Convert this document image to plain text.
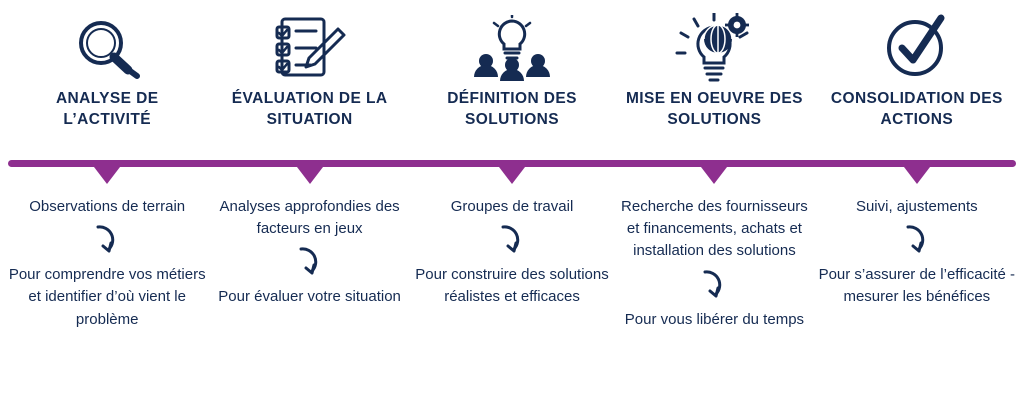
ANALYSE DE L’ACTIVITÉ
ÉVALUATION DE LA SITUATION
DÉFINITION DES SOLUTIONS
MISE EN OEUVRE DES SOLUTIONS
CONSOLIDATION DES ACTIONS
Observations de terrain
Pour comprendre vos métiers et identifier d’où vient le problème
Analyses approfondies des facteurs en jeux
Pour évaluer votre situation
Groupes de travail
Pour construire des solutions réalistes et efficaces
Recherche des fournisseurs et financements, achats et installation des solutions
Pour vous libérer du temps
Suivi, ajustements
Pour s’assurer de l’efficacité - mesurer les bénéfices
